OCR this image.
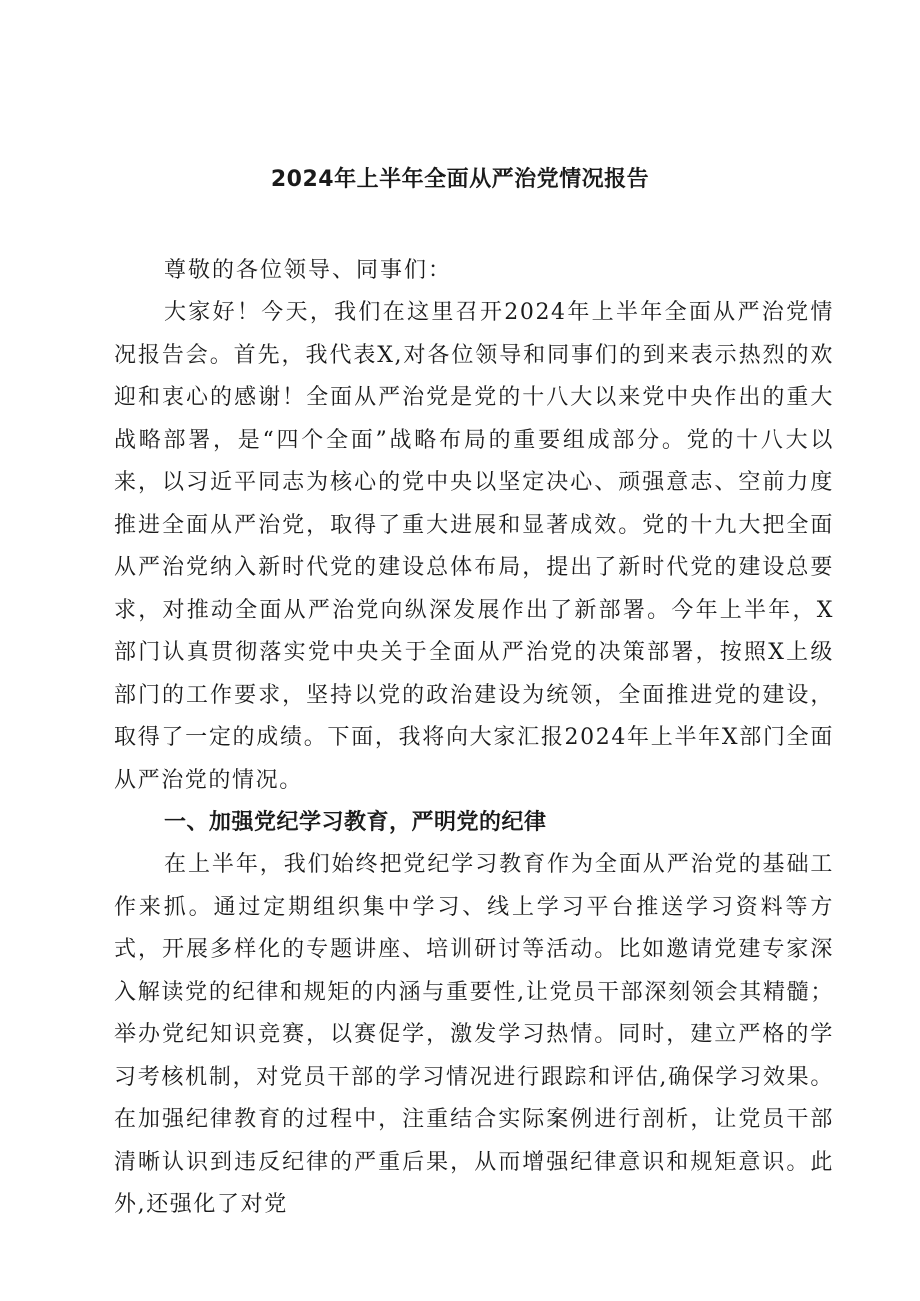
2024年上半年全面从严治党情况报告

尊敬的各位领导、同事们：

大家好！今天，我们在这里召开2024年上半年全面从严治党情况报告会。首先，我代表X,对各位领导和同事们的到来表示热烈的欢迎和衷心的感谢！全面从严治党是党的十八大以来党中央作出的重大战略部署，是“四个全面”战略布局的重要组成部分。党的十八大以来，以习近平同志为核心的党中央以坚定决心、顽强意志、空前力度推进全面从严治党，取得了重大进展和显著成效。党的十九大把全面从严治党纳入新时代党的建设总体布局，提出了新时代党的建设总要求，对推动全面从严治党向纵深发展作出了新部署。今年上半年，X部门认真贯彻落实党中央关于全面从严治党的决策部署，按照X上级部门的工作要求，坚持以党的政治建设为统领，全面推进党的建设，取得了一定的成绩。下面，我将向大家汇报2024年上半年X部门全面从严治党的情况。

一、加强党纪学习教育，严明党的纪律

在上半年，我们始终把党纪学习教育作为全面从严治党的基础工作来抓。通过定期组织集中学习、线上学习平台推送学习资料等方式，开展多样化的专题讲座、培训研讨等活动。比如邀请党建专家深入解读党的纪律和规矩的内涵与重要性,让党员干部深刻领会其精髓；举办党纪知识竞赛，以赛促学，激发学习热情。同时，建立严格的学习考核机制，对党员干部的学习情况进行跟踪和评估,确保学习效果。在加强纪律教育的过程中，注重结合实际案例进行剖析，让党员干部清晰认识到违反纪律的严重后果，从而增强纪律意识和规矩意识。此外,还强化了对党
